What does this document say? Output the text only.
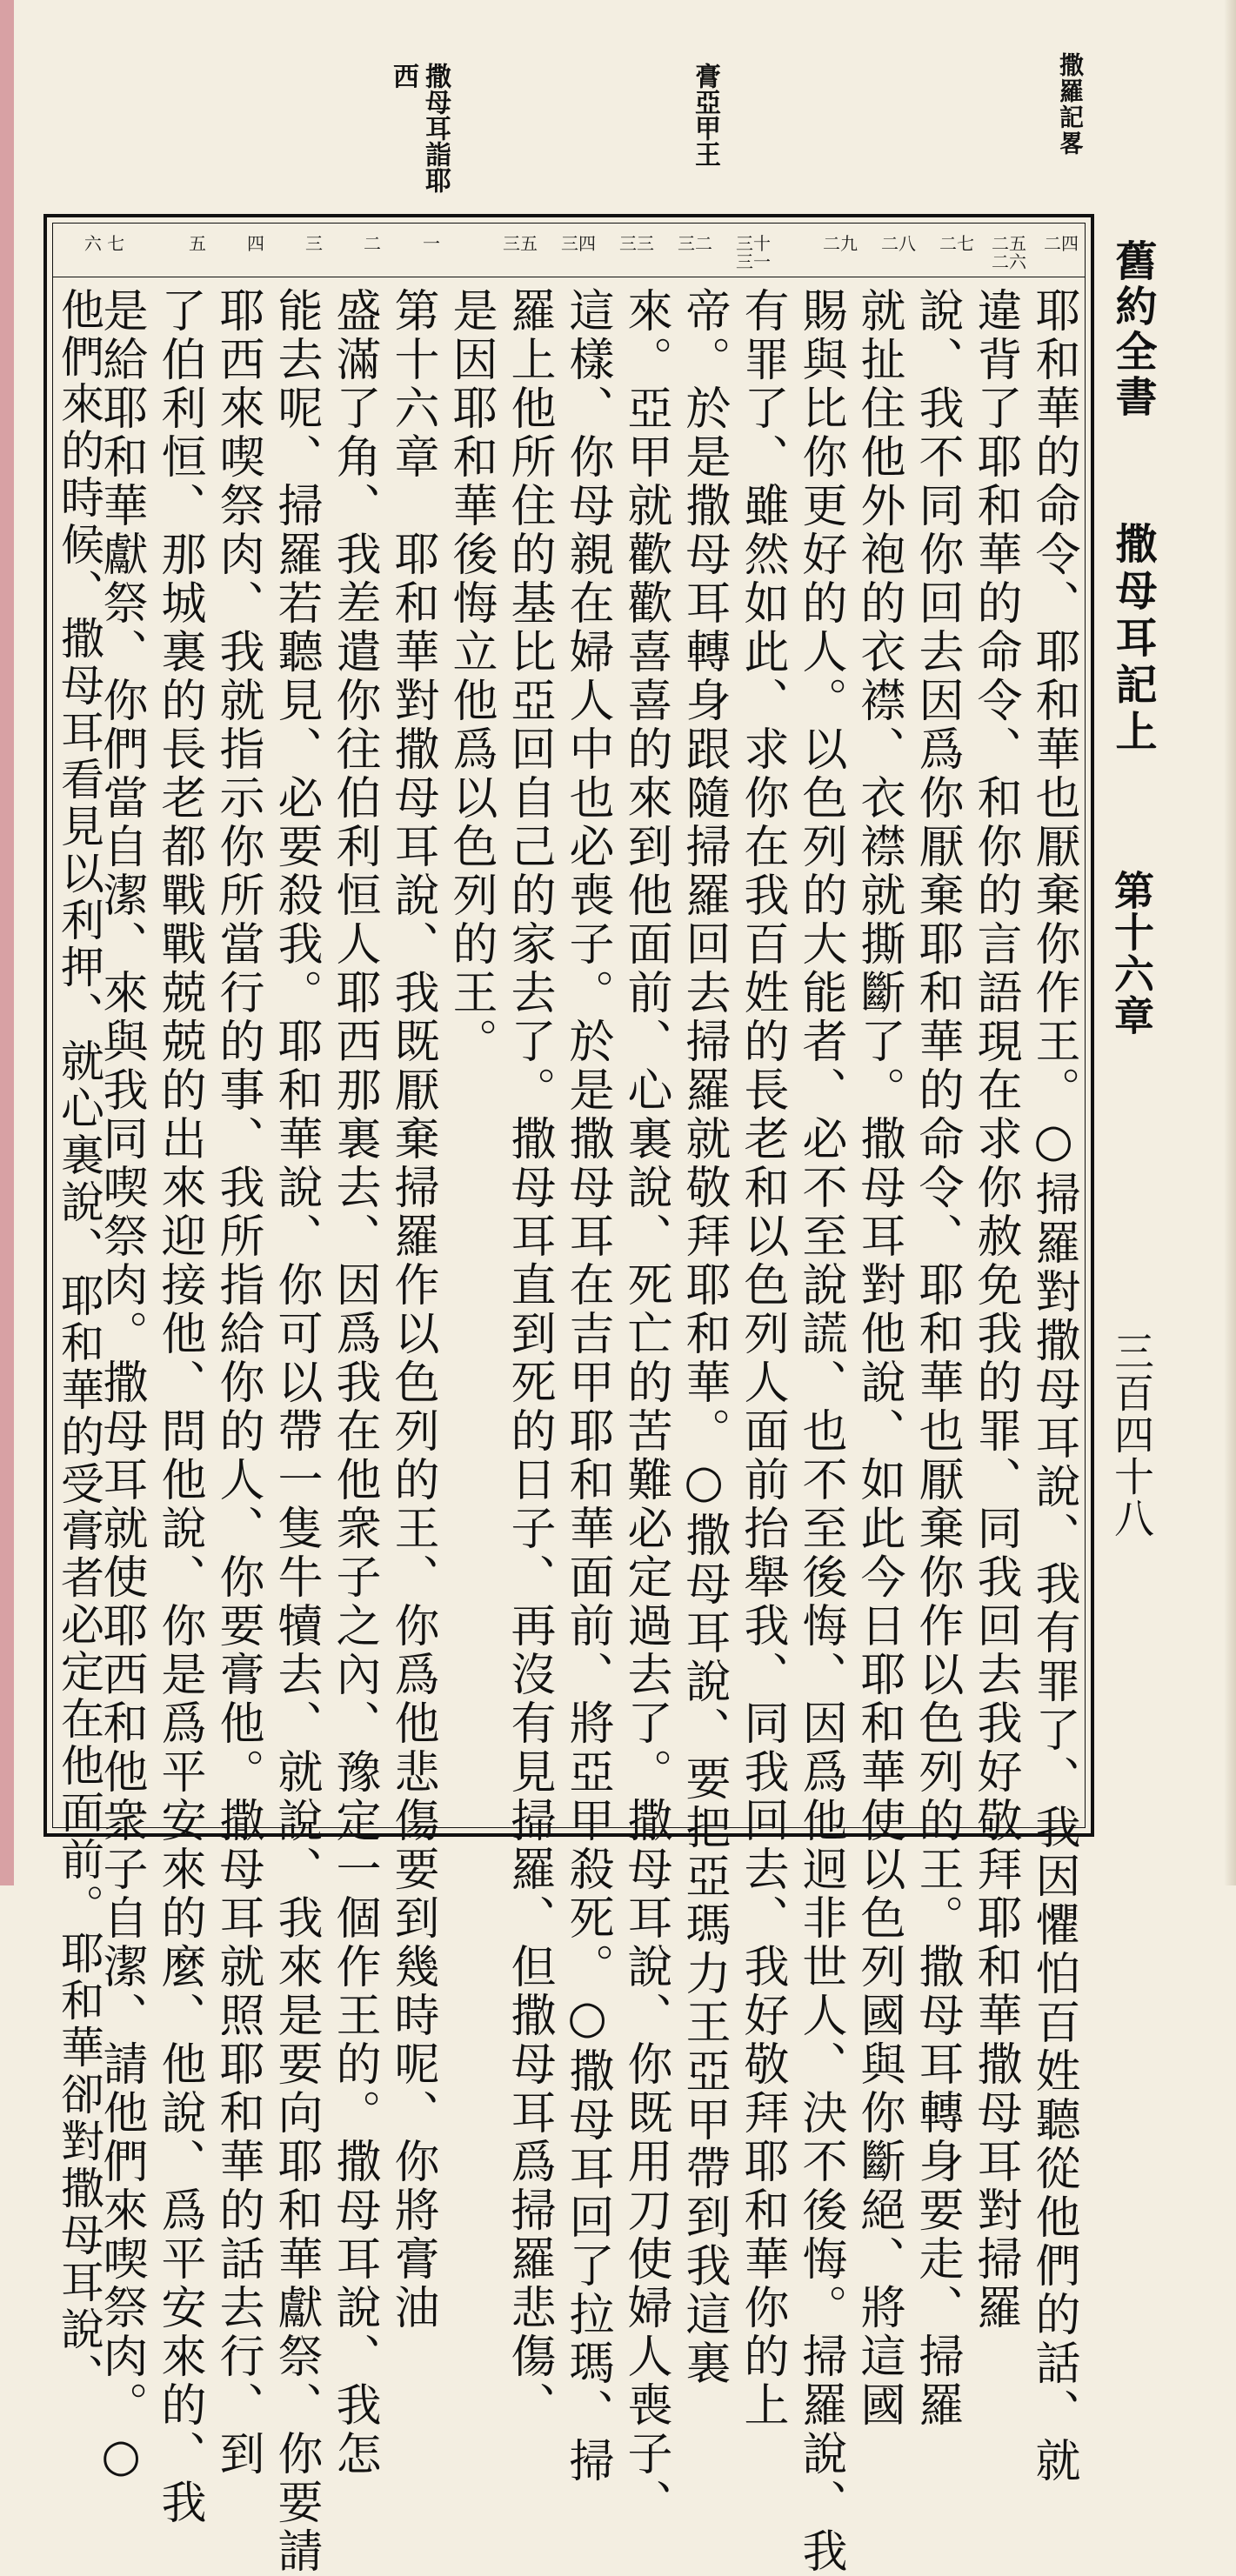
撒羅記畧
膏亞甲王
撒母耳詣耶
西
二四
二五 二六
二七
二八
二九
三十 三一
三二
三三
三四
三五
一
二
三
四
五
六 七
耶和華的命令、耶和華也厭棄你作王。○掃羅對撒母耳說、我有罪了、我因懼怕百姓聽從他們的話、就
違背了耶和華的命令、和你的言語現在求你赦免我的罪、同我回去我好敬拜耶和華撒母耳對掃羅
說、我不同你回去因爲你厭棄耶和華的命令、耶和華也厭棄你作以色列的王。撒母耳轉身要走、掃羅
就扯住他外袍的衣襟、衣襟就撕斷了。撒母耳對他說、如此今日耶和華使以色列國與你斷絕、將這國
賜與比你更好的人。以色列的大能者、必不至說謊、也不至後悔、因爲他迥非世人、決不後悔。掃羅說、我
有罪了、雖然如此、求你在我百姓的長老和以色列人面前抬舉我、同我回去、我好敬拜耶和華你的上
帝。於是撒母耳轉身跟隨掃羅回去掃羅就敬拜耶和華。○撒母耳說、要把亞瑪力王亞甲帶到我這裏
來。亞甲就歡歡喜喜的來到他面前、心裏說、死亡的苦難必定過去了。撒母耳說、你既用刀使婦人喪子、
這樣、你母親在婦人中也必喪子。於是撒母耳在吉甲耶和華面前、將亞甲殺死。○撒母耳回了拉瑪、掃
羅上他所住的基比亞回自己的家去了。撒母耳直到死的日子、再沒有見掃羅、但撒母耳爲掃羅悲傷、
是因耶和華後悔立他爲以色列的王。
第十六章　耶和華對撒母耳說、我既厭棄掃羅作以色列的王、你爲他悲傷要到幾時呢、你將膏油
盛滿了角、我差遣你往伯利恒人耶西那裏去、因爲我在他衆子之內、豫定一個作王的。撒母耳說、我怎
能去呢、掃羅若聽見、必要殺我。耶和華說、你可以帶一隻牛犢去、就說、我來是要向耶和華獻祭、你要請
耶西來喫祭肉、我就指示你所當行的事、我所指給你的人、你要膏他。撒母耳就照耶和華的話去行、到
了伯利恒、那城裏的長老都戰戰兢兢的出來迎接他、問他說、你是爲平安來的麼、他說、爲平安來的、我
是給耶和華獻祭、你們當自潔、來與我同喫祭肉。撒母耳就使耶西和他衆子自潔、請他們來喫祭肉。○
他們來的時候、撒母耳看見以利押、就心裏說、耶和華的受膏者必定在他面前。耶和華卻對撒母耳說、	舊約全書
撒母耳記上
第十六章
三百四十八
